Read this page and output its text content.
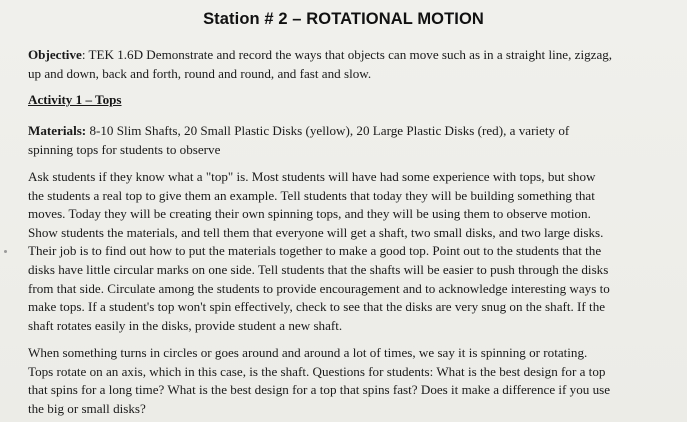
Station # 2 – ROTATIONAL MOTION
Objective: TEK 1.6D Demonstrate and record the ways that objects can move such as in a straight line, zigzag,
up and down, back and forth, round and round, and fast and slow.
Activity 1 – Tops
Materials: 8-10 Slim Shafts, 20 Small Plastic Disks (yellow), 20 Large Plastic Disks (red), a variety of
spinning tops for students to observe
Ask students if they know what a "top" is. Most students will have had some experience with tops, but show
the students a real top to give them an example. Tell students that today they will be building something that
moves. Today they will be creating their own spinning tops, and they will be using them to observe motion.
Show students the materials, and tell them that everyone will get a shaft, two small disks, and two large disks.
Their job is to find out how to put the materials together to make a good top. Point out to the students that the
disks have little circular marks on one side. Tell students that the shafts will be easier to push through the disks
from that side. Circulate among the students to provide encouragement and to acknowledge interesting ways to
make tops. If a student's top won't spin effectively, check to see that the disks are very snug on the shaft. If the
shaft rotates easily in the disks, provide student a new shaft.
When something turns in circles or goes around and around a lot of times, we say it is spinning or rotating.
Tops rotate on an axis, which in this case, is the shaft. Questions for students: What is the best design for a top
that spins for a long time? What is the best design for a top that spins fast? Does it make a difference if you use
the big or small disks?
